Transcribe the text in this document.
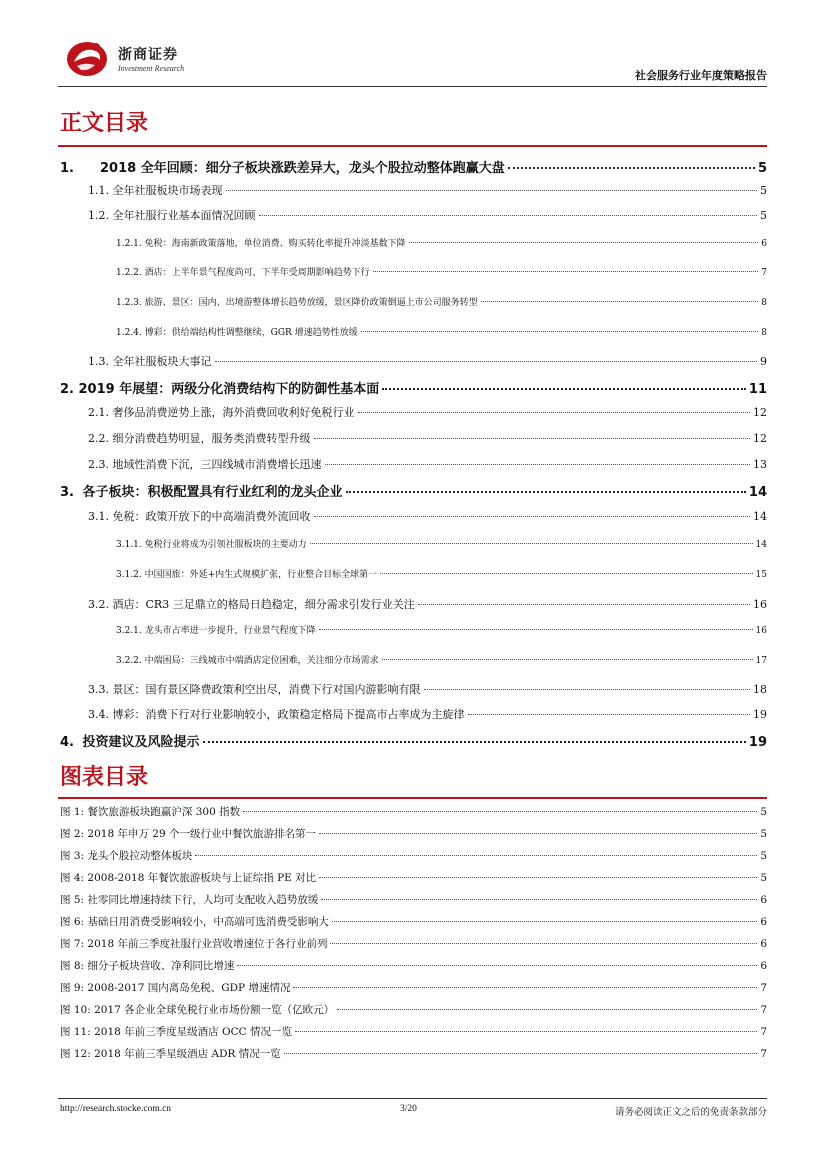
浙商证券
Investment Research
社会服务行业年度策略报告
正文目录
1. 2018 全年回顾：细分子板块涨跌差异大，龙头个股拉动整体跑赢大盘	5
1.1. 全年社服板块市场表现	5
1.2. 全年社服行业基本面情况回顾	5
1.2.1. 免税：海南新政策落地，单位消费、购买转化率提升冲淡基数下降	6
1.2.2. 酒店：上半年景气程度尚可，下半年受周期影响趋势下行	7
1.2.3. 旅游、景区：国内、出境游整体增长趋势放缓，景区降价政策倒逼上市公司服务转型	8
1.2.4. 博彩：供给端结构性调整继续，GGR 增速趋势性放缓	8
1.3. 全年社服板块大事记	9
2. 2019 年展望：两级分化消费结构下的防御性基本面	11
2.1. 奢侈品消费逆势上涨，海外消费回收利好免税行业	12
2.2. 细分消费趋势明显，服务类消费转型升级	12
2.3. 地域性消费下沉，三四线城市消费增长迅速	13
3. 各子板块：积极配置具有行业红利的龙头企业	14
3.1. 免税：政策开放下的中高端消费外流回收	14
3.1.1. 免税行业将成为引领社服板块的主要动力	14
3.1.2. 中国国旅：外延+内生式规模扩张，行业整合目标全球第一	15
3.2. 酒店：CR3 三足鼎立的格局日趋稳定，细分需求引发行业关注	16
3.2.1. 龙头市占率进一步提升，行业景气程度下降	16
3.2.2. 中端困局：三线城市中端酒店定位困难，关注细分市场需求	17
3.3. 景区：国有景区降费政策利空出尽，消费下行对国内游影响有限	18
3.4. 博彩：消费下行对行业影响较小，政策稳定格局下提高市占率成为主旋律	19
4. 投资建议及风险提示	19
图表目录
图 1: 餐饮旅游板块跑赢沪深 300 指数	5
图 2: 2018 年申万 29 个一级行业中餐饮旅游排名第一	5
图 3: 龙头个股拉动整体板块	5
图 4: 2008-2018 年餐饮旅游板块与上证综指 PE 对比	5
图 5: 社零同比增速持续下行，人均可支配收入趋势放缓	6
图 6: 基础日用消费受影响较小，中高端可选消费受影响大	6
图 7: 2018 年前三季度社服行业营收增速位于各行业前列	6
图 8: 细分子板块营收、净利同比增速	6
图 9: 2008-2017 国内离岛免税、GDP 增速情况	7
图 10: 2017 各企业全球免税行业市场份额一览（亿欧元）	7
图 11: 2018 年前三季度星级酒店 OCC 情况一览	7
图 12: 2018 年前三季星级酒店 ADR 情况一览	7
http://research.stocke.com.cn	3/20	请务必阅读正文之后的免责条款部分
